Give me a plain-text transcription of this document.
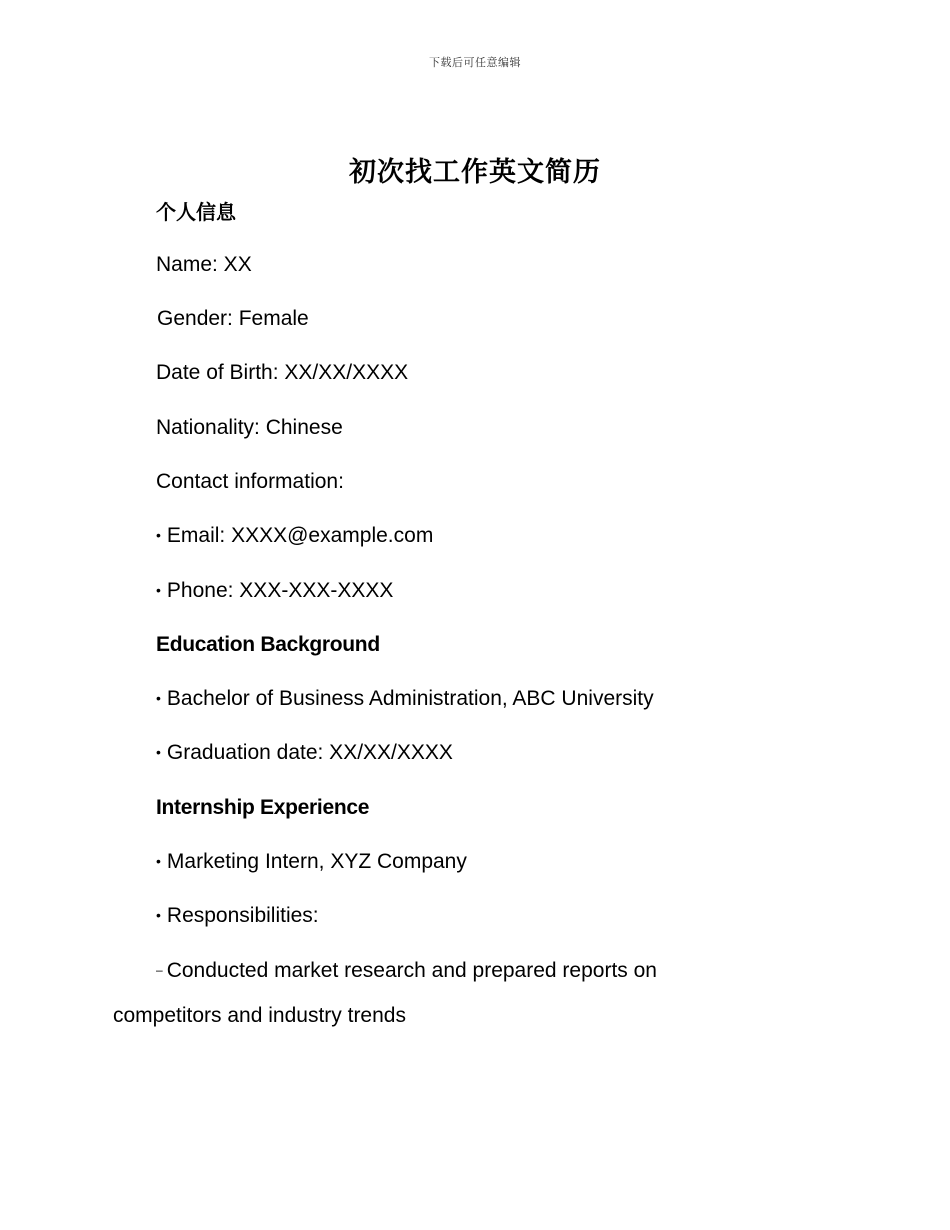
下载后可任意编辑
初次找工作英文简历
个人信息
Name: XX
Gender: Female
Date of Birth: XX/XX/XXXX
Nationality: Chinese
Contact information:
• Email: XXXX@example.com
• Phone: XXX-XXX-XXXX
Education Background
• Bachelor of Business Administration, ABC University
• Graduation date: XX/XX/XXXX
Internship Experience
• Marketing Intern, XYZ Company
• Responsibilities:
– Conducted market research and prepared reports on
competitors and industry trends
